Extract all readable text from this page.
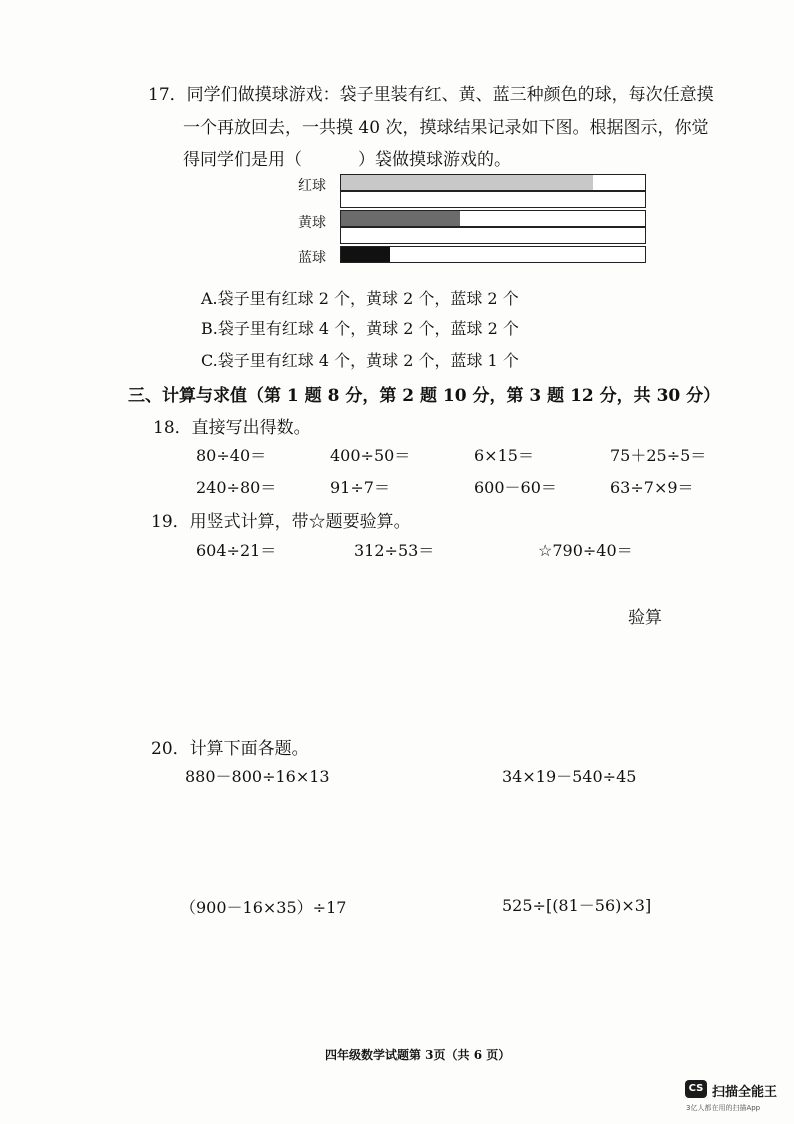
17．同学们做摸球游戏：袋子里装有红、黄、蓝三种颜色的球，每次任意摸
一个再放回去，一共摸 40 次，摸球结果记录如下图。根据图示，你觉
得同学们是用（	）袋做摸球游戏的。
红球
黄球
蓝球
A.袋子里有红球 2 个，黄球 2 个，蓝球 2 个
B.袋子里有红球 4 个，黄球 2 个，蓝球 2 个
C.袋子里有红球 4 个，黄球 2 个，蓝球 1 个
三、计算与求值（第 1 题 8 分，第 2 题 10 分，第 3 题 12 分，共 30 分）
18．直接写出得数。
80÷40＝	400÷50＝	6×15＝	75＋25÷5＝
240÷80＝	91÷7＝	600－60＝	63÷7×9＝
19．用竖式计算，带☆题要验算。
604÷21＝	312÷53＝	☆790÷40＝
验算
20．计算下面各题。
880－800÷16×13	34×19－540÷45
（900－16×35）÷17	525÷[(81－56)×3]
四年级数学试题第 3页（共 6 页）
CS 扫描全能王
3亿人都在用的扫描App
